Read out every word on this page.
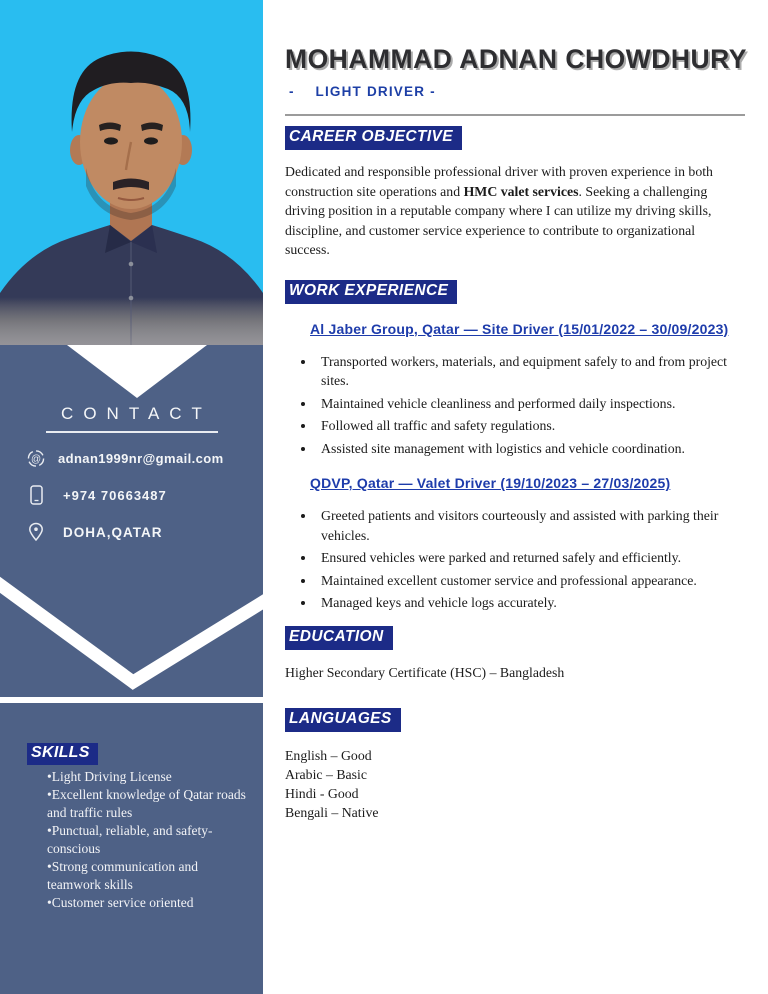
CONTACT
@ adnan1999nr@gmail.com
+974 70663487
DOHA,QATAR
SKILLS
• Light Driving License
• Excellent knowledge of Qatar roads and traffic rules
• Punctual, reliable, and safety-conscious
• Strong communication and teamwork skills
• Customer service oriented
MOHAMMAD ADNAN CHOWDHURY
- LIGHT DRIVER -
CAREER OBJECTIVE
Dedicated and responsible professional driver with proven experience in both construction site operations and HMC valet services. Seeking a challenging driving position in a reputable company where I can utilize my driving skills, discipline, and customer service experience to contribute to organizational success.
WORK EXPERIENCE
Al Jaber Group, Qatar — Site Driver (15/01/2022 – 30/09/2023)
• Transported workers, materials, and equipment safely to and from project sites.
• Maintained vehicle cleanliness and performed daily inspections.
• Followed all traffic and safety regulations.
• Assisted site management with logistics and vehicle coordination.
QDVP, Qatar — Valet Driver (19/10/2023 – 27/03/2025)
• Greeted patients and visitors courteously and assisted with parking their vehicles.
• Ensured vehicles were parked and returned safely and efficiently.
• Maintained excellent customer service and professional appearance.
• Managed keys and vehicle logs accurately.
EDUCATION
Higher Secondary Certificate (HSC) – Bangladesh
LANGUAGES
English – Good
Arabic – Basic
Hindi - Good
Bengali – Native
